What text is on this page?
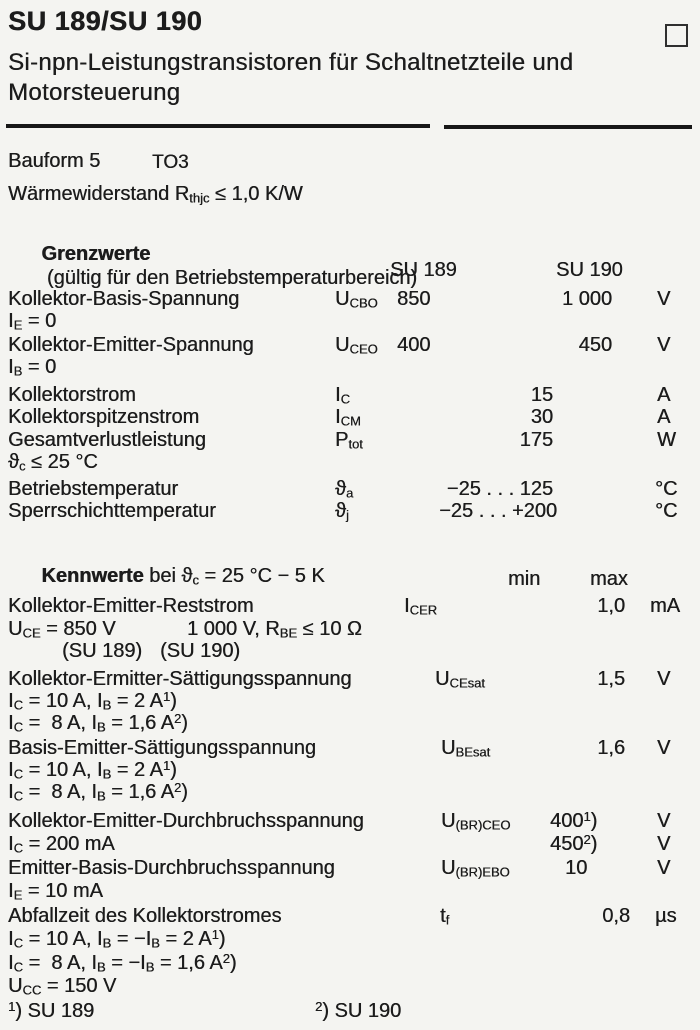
SU 189/SU 190
Si-npn-Leistungstransistoren für Schaltnetzteile und Motorsteuerung
Bauform 5	TO3
Wärmewiderstand $R_{thjc} \le 1,0$ K/W

Grenzwerte
(gültig für den Betriebstemperaturbereich)

SU 189	SU 190
Kollektor-Basis-Spannung	$U_{CBO}$ 850	1 000 V
$I_E = 0$
Kollektor-Emitter-Spannung	$U_{CEO}$ 400	450 V
$I_B = 0$
Kollektorstrom	$I_C$	15	A
Kollektorspitzenstrom	$I_{CM}$	30	A
Gesamtverlustleistung	$P_{tot}$	175	W
$ϑ_c \le 25$ °C
Betriebstemperatur	$ϑ_a$	−25 . . . 125	°C
Sperrschichttemperatur	$ϑ_j$	−25 . . . +200	°C

Kennwerte bei $ϑ_c = 25$ °C − 5 K
	min max
Kollektor-Emitter-Reststrom	$I_{CER}$	1,0 mA
$U_{CE} = 850$ V	1 000 V, $R_{BE} \le 10$ Ω
(SU 189) (SU 190)
Kollektor-Ermitter-Sättigungsspannung	$U_{CEsat}$	1,5 V
$I_C = 10$ A, $I_B = 2$ $A^1$)
$I_C = 8$ A, $I_B = 1,6$ $A^2$)
Basis-Emitter-Sättigungsspannung	$U_{BEsat}$	1,6 V
$I_C = 10$ A, $I_B = 2$ $A^1$)
$I_C = 8$ A, $I_B = 1,6$ $A^2$)
Kollektor-Emitter-Durchbruchsspannung	$U_{(BR)CEO}$ $400^1$)	V
$I_C = 200$ mA	$450^2$)	V
Emitter-Basis-Durchbruchsspannung	$U_{(BR)EBO}$	10	V
$I_E = 10$ mA
Abfallzeit des Kollektorstromes	$t_f$	0,8 µs
$I_C = 10$ A, $I_B = -I_B = 2$ $A^1$)
$I_C = 8$ A, $I_B = -I_B = 1,6$ $A^2$)
$U_{CC} = 150$ V
$^1$) SU 189	$^2$) SU 190
